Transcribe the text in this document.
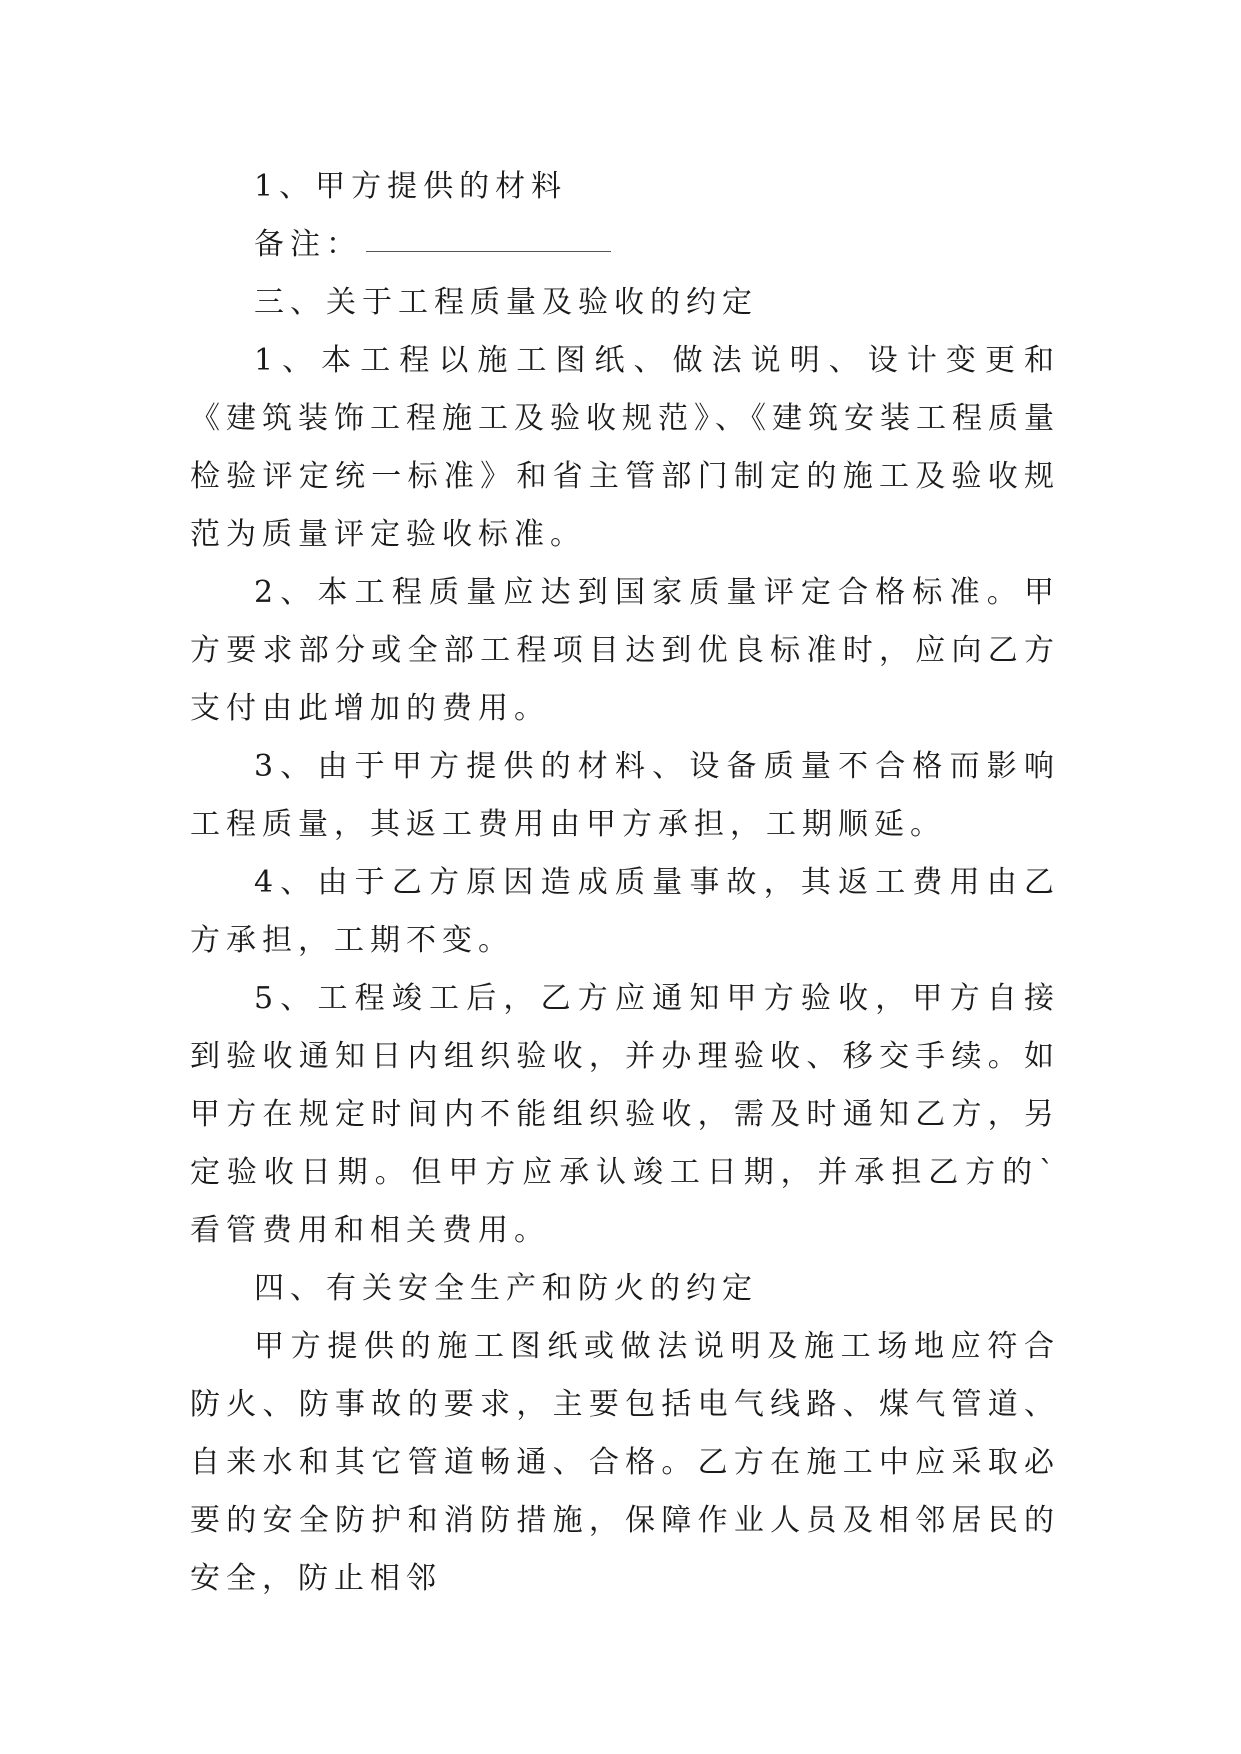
1、甲方提供的材料

备注：

三、关于工程质量及验收的约定

1、本工程以施工图纸、做法说明、设计变更和《建筑装饰工程施工及验收规范》、《建筑安装工程质量检验评定统一标准》和省主管部门制定的施工及验收规范为质量评定验收标准。

2、本工程质量应达到国家质量评定合格标准。甲方要求部分或全部工程项目达到优良标准时，应向乙方支付由此增加的费用。

3、由于甲方提供的材料、设备质量不合格而影响工程质量，其返工费用由甲方承担，工期顺延。

4、由于乙方原因造成质量事故，其返工费用由乙方承担，工期不变。

5、工程竣工后，乙方应通知甲方验收，甲方自接到验收通知日内组织验收，并办理验收、移交手续。如甲方在规定时间内不能组织验收，需及时通知乙方，另定验收日期。但甲方应承认竣工日期，并承担乙方的`看管费用和相关费用。

四、有关安全生产和防火的约定

甲方提供的施工图纸或做法说明及施工场地应符合防火、防事故的要求，主要包括电气线路、煤气管道、自来水和其它管道畅通、合格。乙方在施工中应采取必要的安全防护和消防措施，保障作业人员及相邻居民的安全，防止相邻
